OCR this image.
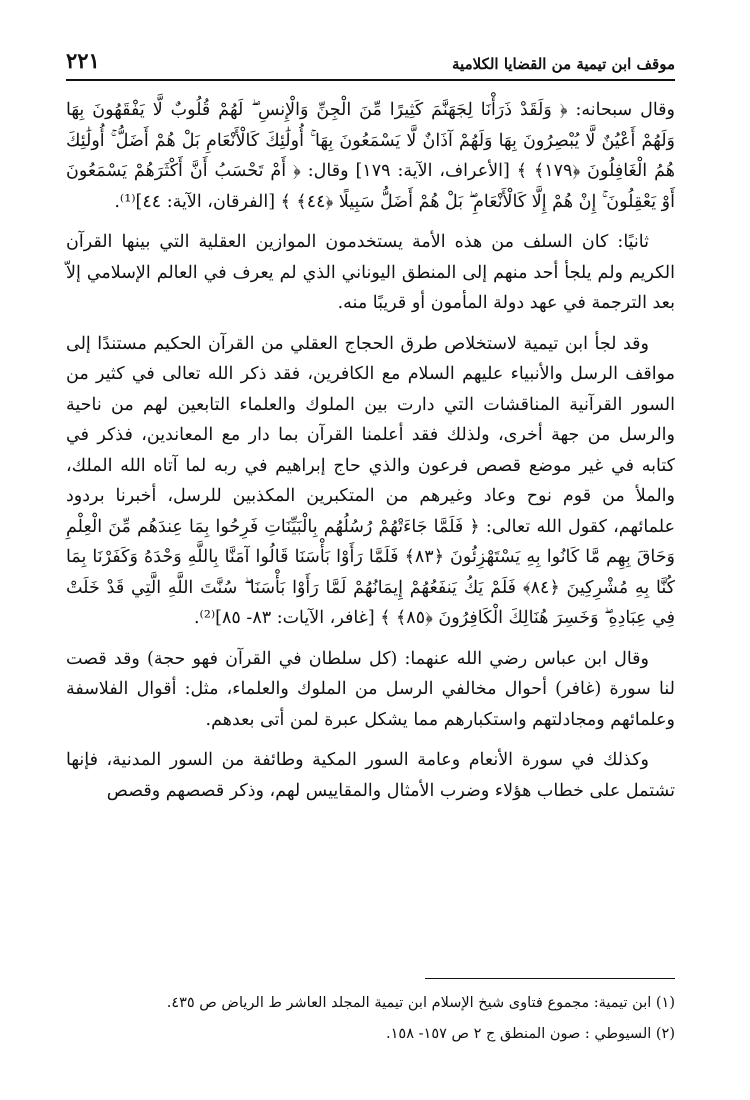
موقف ابن تيمية من القضايا الكلامية
٢٢١

وقال سبحانه: ﴿ وَلَقَدْ ذَرَأْنَا لِجَهَنَّمَ كَثِيرًا مِّنَ الْجِنِّ وَالْإِنسِ ۖ لَهُمْ قُلُوبٌ لَّا يَفْقَهُونَ بِهَا وَلَهُمْ أَعْيُنٌ لَّا يُبْصِرُونَ بِهَا وَلَهُمْ آذَانٌ لَّا يَسْمَعُونَ بِهَا ۚ أُولَٰئِكَ كَالْأَنْعَامِ بَلْ هُمْ أَضَلُّ ۚ أُولَٰئِكَ هُمُ الْغَافِلُونَ ﴿١٧٩﴾ ﴾ [الأعراف، الآية: ١٧٩] وقال: ﴿ أَمْ تَحْسَبُ أَنَّ أَكْثَرَهُمْ يَسْمَعُونَ أَوْ يَعْقِلُونَ ۚ إِنْ هُمْ إِلَّا كَالْأَنْعَامِ ۖ بَلْ هُمْ أَضَلُّ سَبِيلًا ﴿٤٤﴾ ﴾ [الفرقان، الآية: ٤٤]⁽¹⁾.

ثانيًا: كان السلف من هذه الأمة يستخدمون الموازين العقلية التي بينها القرآن الكريم ولم يلجأ أحد منهم إلى المنطق اليوناني الذي لم يعرف في العالم الإسلامي إلاّ بعد الترجمة في عهد دولة المأمون أو قريبًا منه.

وقد لجأ ابن تيمية لاستخلاص طرق الحجاج العقلي من القرآن الحكيم مستندًا إلى مواقف الرسل والأنبياء عليهم السلام مع الكافرين، فقد ذكر الله تعالى في كثير من السور القرآنية المناقشات التي دارت بين الملوك والعلماء التابعين لهم من ناحية والرسل من جهة أخرى، ولذلك فقد أعلمنا القرآن بما دار مع المعاندين، فذكر في كتابه في غير موضع قصص فرعون والذي حاج إبراهيم في ربه لما آتاه الله الملك، والملأ من قوم نوح وعاد وغيرهم من المتكبرين المكذبين للرسل، أخبرنا بردود علمائهم، كقول الله تعالى: ﴿ فَلَمَّا جَاءَتْهُمْ رُسُلُهُم بِالْبَيِّنَاتِ فَرِحُوا بِمَا عِندَهُم مِّنَ الْعِلْمِ وَحَاقَ بِهِم مَّا كَانُوا بِهِ يَسْتَهْزِئُونَ ﴿٨٣﴾ فَلَمَّا رَأَوْا بَأْسَنَا قَالُوا آمَنَّا بِاللَّهِ وَحْدَهُ وَكَفَرْنَا بِمَا كُنَّا بِهِ مُشْرِكِينَ ﴿٨٤﴾ فَلَمْ يَكُ يَنفَعُهُمْ إِيمَانُهُمْ لَمَّا رَأَوْا بَأْسَنَا ۖ سُنَّتَ اللَّهِ الَّتِي قَدْ خَلَتْ فِي عِبَادِهِ ۖ وَخَسِرَ هُنَالِكَ الْكَافِرُونَ ﴿٨٥﴾ ﴾ [غافر، الآيات: ٨٣- ٨٥]⁽²⁾.

وقال ابن عباس رضي الله عنهما: (كل سلطان في القرآن فهو حجة) وقد قصت لنا سورة (غافر) أحوال مخالفي الرسل من الملوك والعلماء، مثل: أقوال الفلاسفة وعلمائهم ومجادلتهم واستكبارهم مما يشكل عبرة لمن أتى بعدهم.

وكذلك في سورة الأنعام وعامة السور المكية وطائفة من السور المدنية، فإنها تشتمل على خطاب هؤلاء وضرب الأمثال والمقاييس لهم، وذكر قصصهم وقصص

(١) ابن تيمية: مجموع فتاوى شيخ الإسلام ابن تيمية المجلد العاشر ط الرياض ص ٤٣٥.

(٢) السيوطي : صون المنطق ج ٢ ص ١٥٧- ١٥٨.
